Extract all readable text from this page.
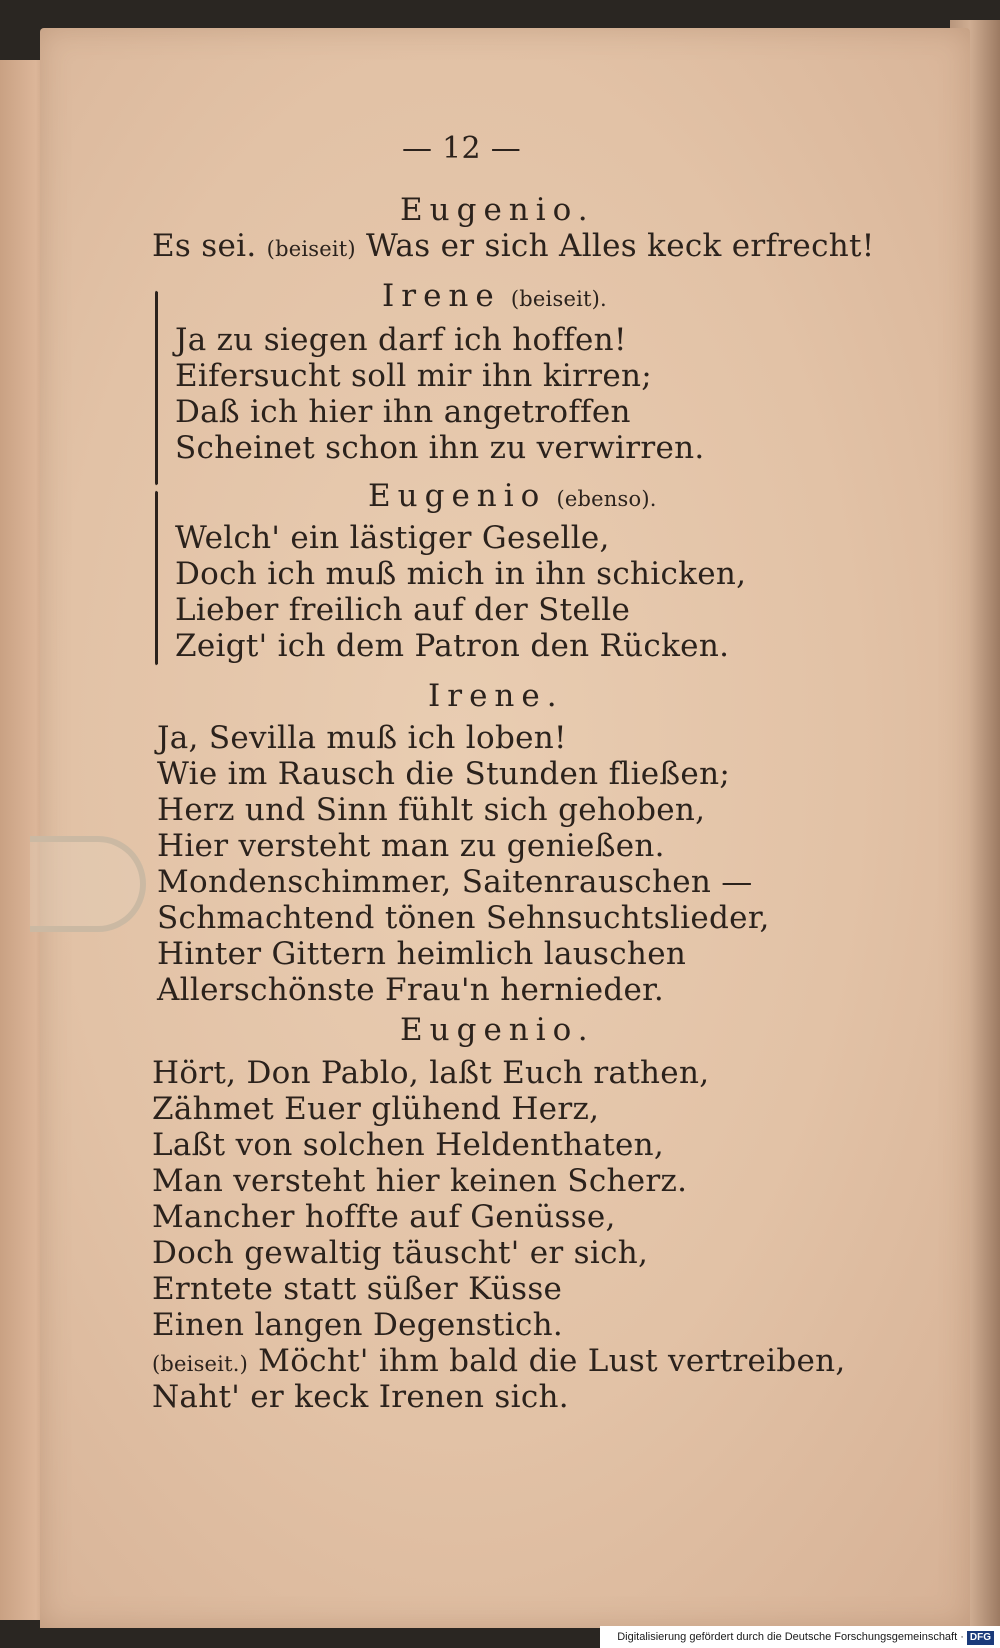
— 12 —
Eugenio.
Es sei. (beiseit) Was er sich Alles keck erfrecht!
Irene (beiseit).
Ja zu siegen darf ich hoffen!
Eifersucht soll mir ihn kirren;
Daß ich hier ihn angetroffen
Scheinet schon ihn zu verwirren.
Eugenio (ebenso).
Welch' ein lästiger Geselle,
Doch ich muß mich in ihn schicken,
Lieber freilich auf der Stelle
Zeigt' ich dem Patron den Rücken.
Irene.
Ja, Sevilla muß ich loben!
Wie im Rausch die Stunden fließen;
Herz und Sinn fühlt sich gehoben,
Hier versteht man zu genießen.
Mondenschimmer, Saitenrauschen —
Schmachtend tönen Sehnsuchtslieder,
Hinter Gittern heimlich lauschen
Allerschönste Frau'n hernieder.
Eugenio.
Hört, Don Pablo, laßt Euch rathen,
Zähmet Euer glühend Herz,
Laßt von solchen Heldenthaten,
Man versteht hier keinen Scherz.
Mancher hoffte auf Genüsse,
Doch gewaltig täuscht' er sich,
Erntete statt süßer Küsse
Einen langen Degenstich.
(beiseit.) Möcht' ihm bald die Lust vertreiben,
Naht' er keck Irenen sich.
Digitalisierung gefördert durch die Deutsche Forschungsgemeinschaft · DFG
